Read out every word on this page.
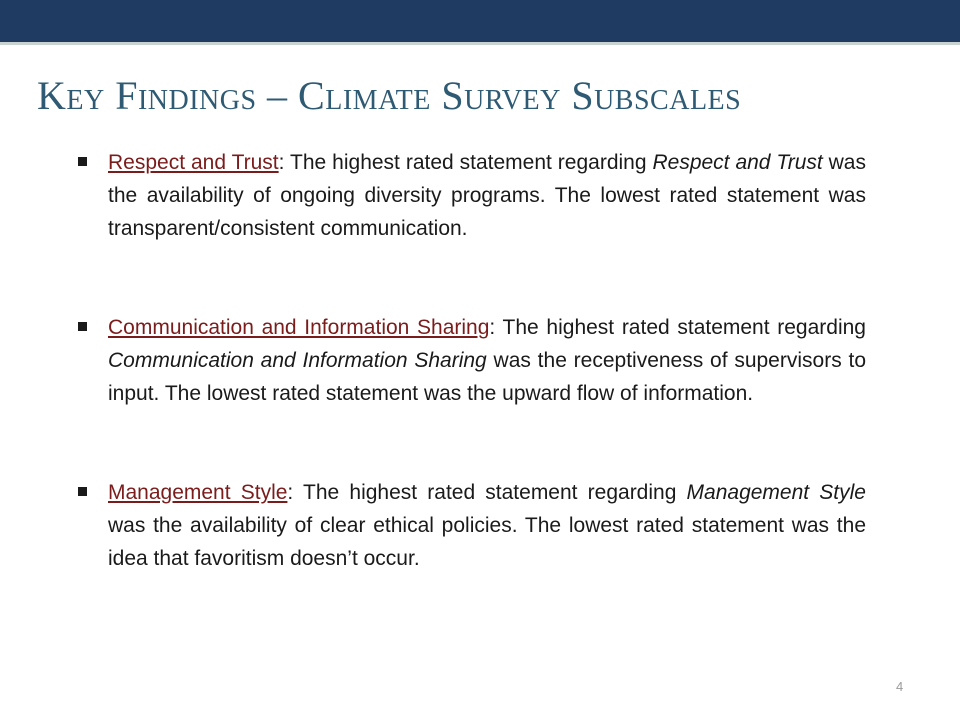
Key Findings – Climate Survey Subscales
Respect and Trust: The highest rated statement regarding Respect and Trust was the availability of ongoing diversity programs. The lowest rated statement was transparent/consistent communication.
Communication and Information Sharing: The highest rated statement regarding Communication and Information Sharing was the receptiveness of supervisors to input. The lowest rated statement was the upward flow of information.
Management Style: The highest rated statement regarding Management Style was the availability of clear ethical policies. The lowest rated statement was the idea that favoritism doesn’t occur.
4
